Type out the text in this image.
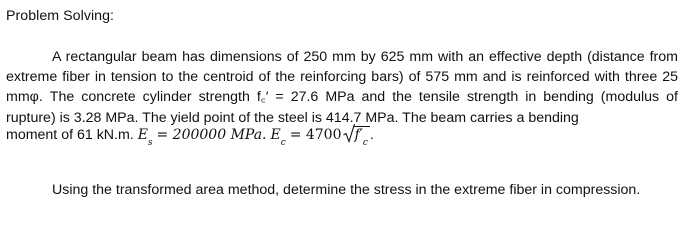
Problem Solving:

A rectangular beam has dimensions of 250 mm by 625 mm with an effective depth (distance from extreme fiber in tension to the centroid of the reinforcing bars) of 575 mm and is reinforced with three 25 mmφ. The concrete cylinder strength f꜀′ = 27.6 MPa and the tensile strength in bending (modulus of rupture) is 3.28 MPa. The yield point of the steel is 414.7 MPa. The beam carries a bending

moment of 61 kN.m. $E_s = 200000$ MPa. $E_c = 4700$ $f'_c$ .
Using the transformed area method, determine the stress in the extreme fiber in compression.
